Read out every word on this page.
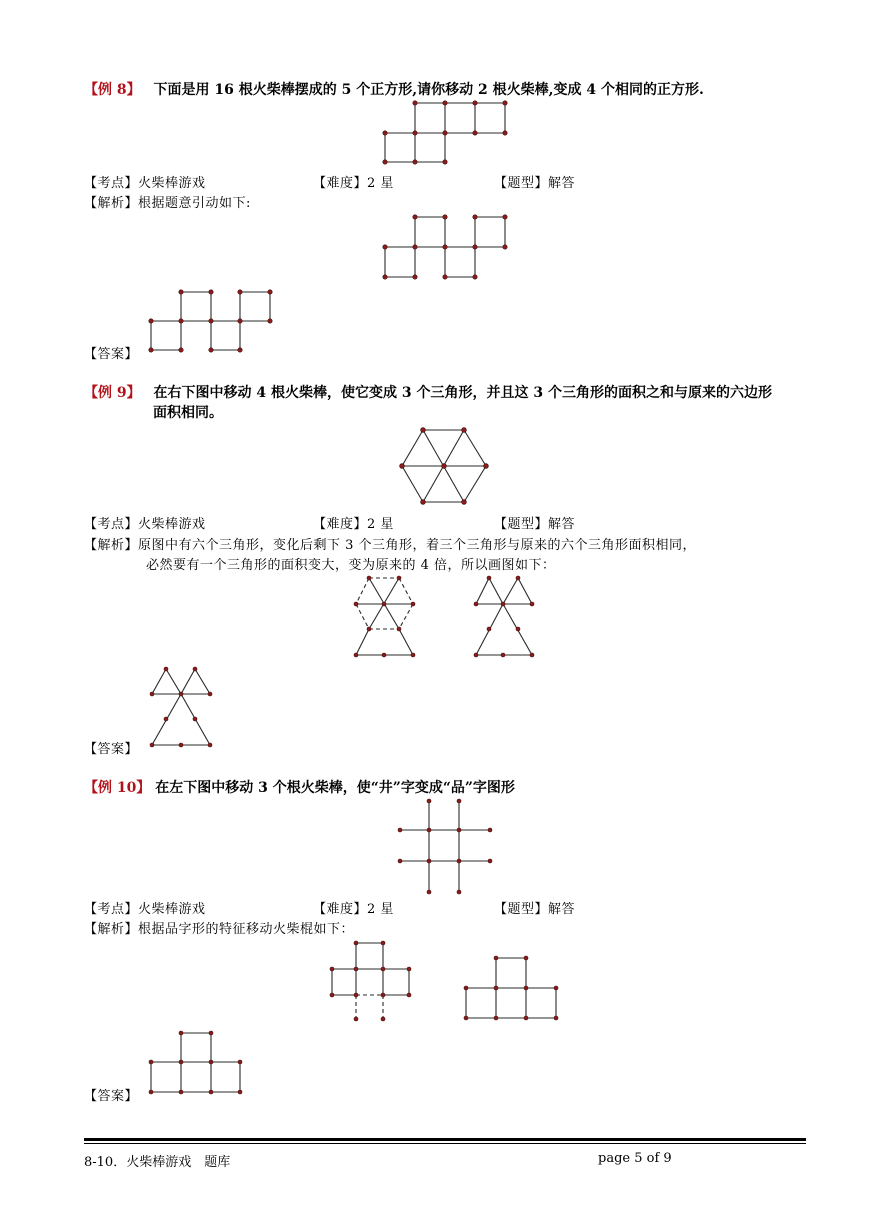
【例 8】 下面是用 16 根火柴棒摆成的 5 个正方形,请你移动 2 根火柴棒,变成 4 个相同的正方形.
【考点】火柴棒游戏	【难度】2 星	【题型】解答
【解析】根据题意引动如下:
【答案】
【例 9】 在右下图中移动 4 根火柴棒，使它变成 3 个三角形，并且这 3 个三角形的面积之和与原来的六边形
面积相同。
【考点】火柴棒游戏	【难度】2 星	【题型】解答
【解析】原图中有六个三角形，变化后剩下 3 个三角形，着三个三角形与原来的六个三角形面积相同，
必然要有一个三角形的面积变大，变为原来的 4 倍，所以画图如下：
【答案】
【例 10】 在左下图中移动 3 个根火柴棒，使“井”字变成“品”字图形
【考点】火柴棒游戏	【难度】2 星	【题型】解答
【解析】根据品字形的特征移动火柴棍如下：
【答案】
8-10．火柴棒游戏　题库	page 5 of 9
